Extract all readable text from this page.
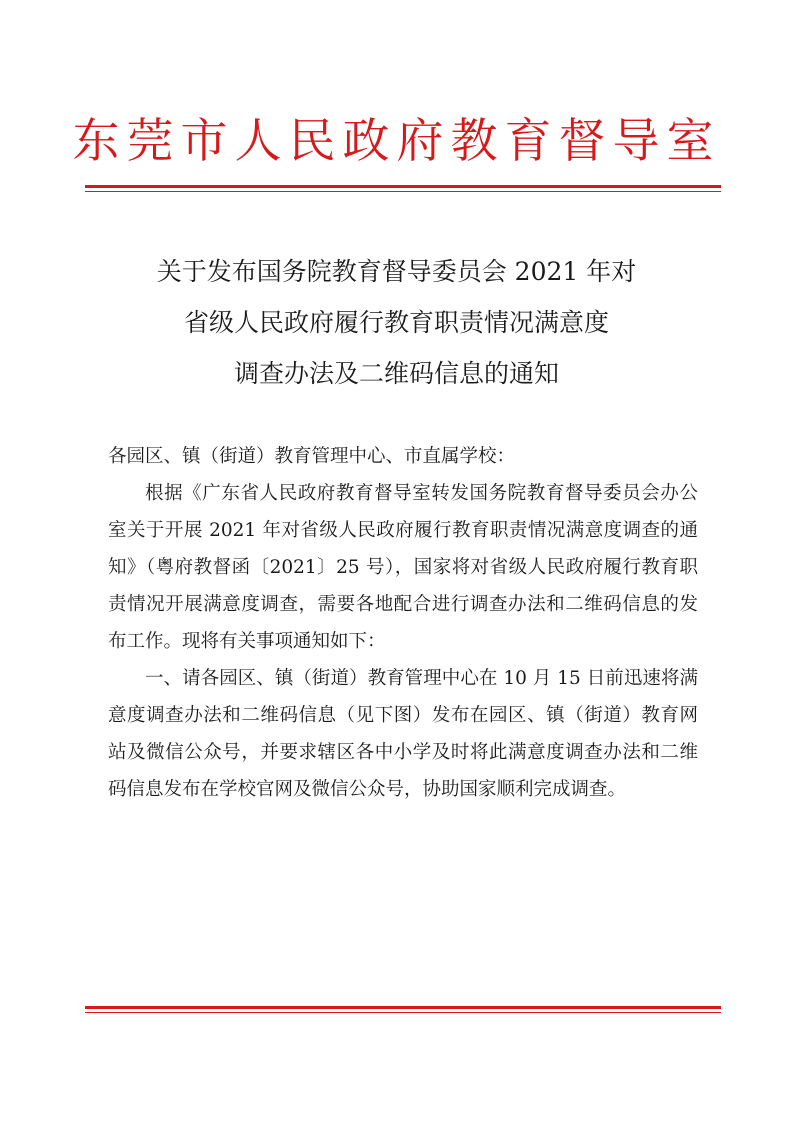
东莞市人民政府教育督导室
关于发布国务院教育督导委员会 2021 年对
省级人民政府履行教育职责情况满意度
调查办法及二维码信息的通知

各园区、镇（街道）教育管理中心、市直属学校：

根据《广东省人民政府教育督导室转发国务院教育督导委员会办公室关于开展 2021 年对省级人民政府履行教育职责情况满意度调查的通知》（粤府教督函〔2021〕25 号），国家将对省级人民政府履行教育职责情况开展满意度调查，需要各地配合进行调查办法和二维码信息的发布工作。现将有关事项通知如下：

一、请各园区、镇（街道）教育管理中心在 10 月 15 日前迅速将满意度调查办法和二维码信息（见下图）发布在园区、镇（街道）教育网站及微信公众号，并要求辖区各中小学及时将此满意度调查办法和二维码信息发布在学校官网及微信公众号，协助国家顺利完成调查。
